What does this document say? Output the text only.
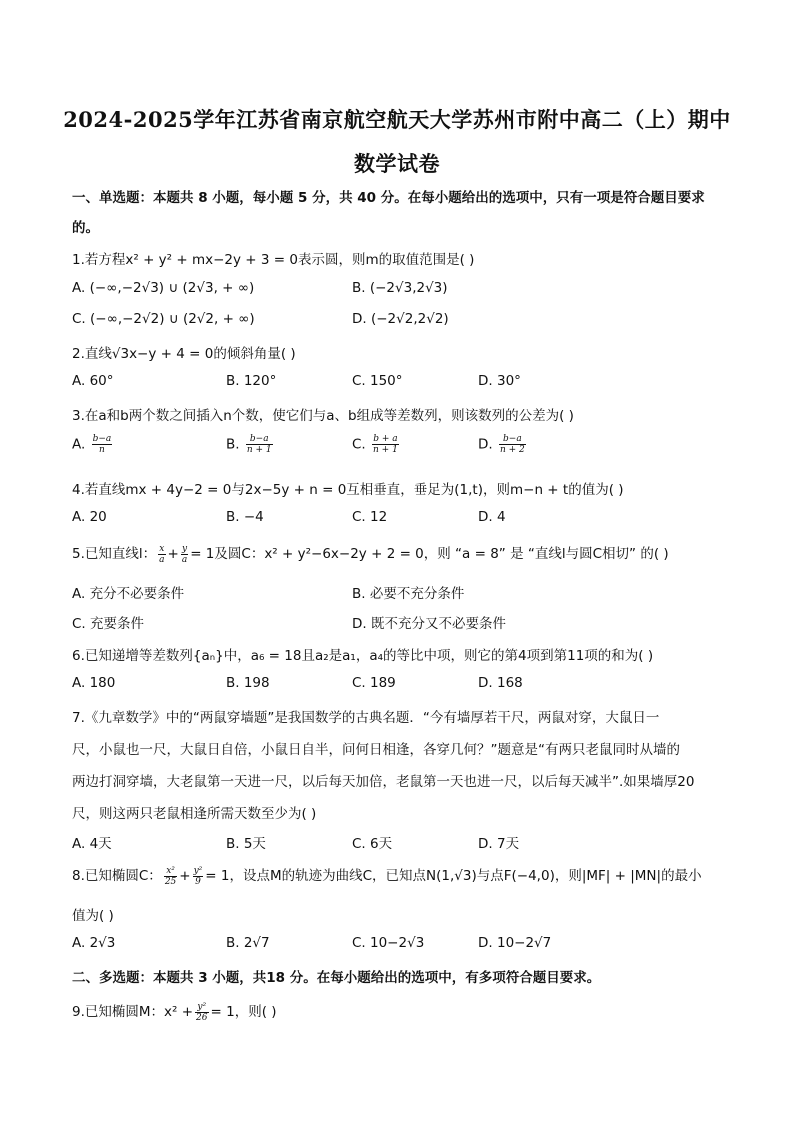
2024-2025学年江苏省南京航空航天大学苏州市附中高二（上）期中
数学试卷
一、单选题：本题共 8 小题，每小题 5 分，共 40 分。在每小题给出的选项中，只有一项是符合题目要求
的。
1.若方程x² + y² + mx−2y + 3 = 0表示圆，则m的取值范围是( )
A. (−∞,−2√3) ∪ (2√3, + ∞)	B. (−2√3,2√3)
C. (−∞,−2√2) ∪ (2√2, + ∞)	D. (−2√2,2√2)
2.直线√3x−y + 4 = 0的倾斜角量( )
A. 60°	B. 120°	C. 150°	D. 30°
3.在a和b两个数之间插入n个数，使它们与a、b组成等差数列，则该数列的公差为( )
A. $\frac{b-a}{n}$	B. $\frac{b-a}{n + 1}$	C. $\frac{b + a}{n + 1}$	D. $\frac{b-a}{n + 2}$
4.若直线mx + 4y−2 = 0与2x−5y + n = 0互相垂直，垂足为(1,t)，则m−n + t的值为( )
A. 20	B. −4	C. 12	D. 4
5.已知直线l： $\frac{x}{a} + \frac{y}{a} = 1$及圆C：x² + y²−6x−2y + 2 = 0，则 “a = 8” 是 “直线l与圆C相切” 的( )
A. 充分不必要条件	B. 必要不充分条件
C. 充要条件	D. 既不充分又不必要条件
6.已知递增等差数列{aₙ}中，a₆ = 18且a₂是a₁，a₄的等比中项，则它的第4项到第11项的和为( )
A. 180	B. 198	C. 189	D. 168
7.《九章数学》中的“两鼠穿墙题”是我国数学的古典名题．“今有墙厚若干尺，两鼠对穿，大鼠日一
尺，小鼠也一尺，大鼠日自倍，小鼠日自半，问何日相逢，各穿几何？”题意是“有两只老鼠同时从墙的
两边打洞穿墙，大老鼠第一天进一尺，以后每天加倍，老鼠第一天也进一尺，以后每天减半”.如果墙厚20
尺，则这两只老鼠相逢所需天数至少为( )
A. 4天	B. 5天	C. 6天	D. 7天
8.已知椭圆C： $\frac{\text{x²}}{25} + \frac{\text{y²}}{9} = 1$，设点M的轨迹为曲线C，已知点N(1,√3)与点F(−4,0)，则|MF| + |MN|的最小
值为( )
A. 2√3	B. 2√7	C. 10−2√3	D. 10−2√7
二、多选题：本题共 3 小题，共18 分。在每小题给出的选项中，有多项符合题目要求。
9.已知椭圆M：$x^2 + \frac{\text{y²}}{26} = 1$，则( )
